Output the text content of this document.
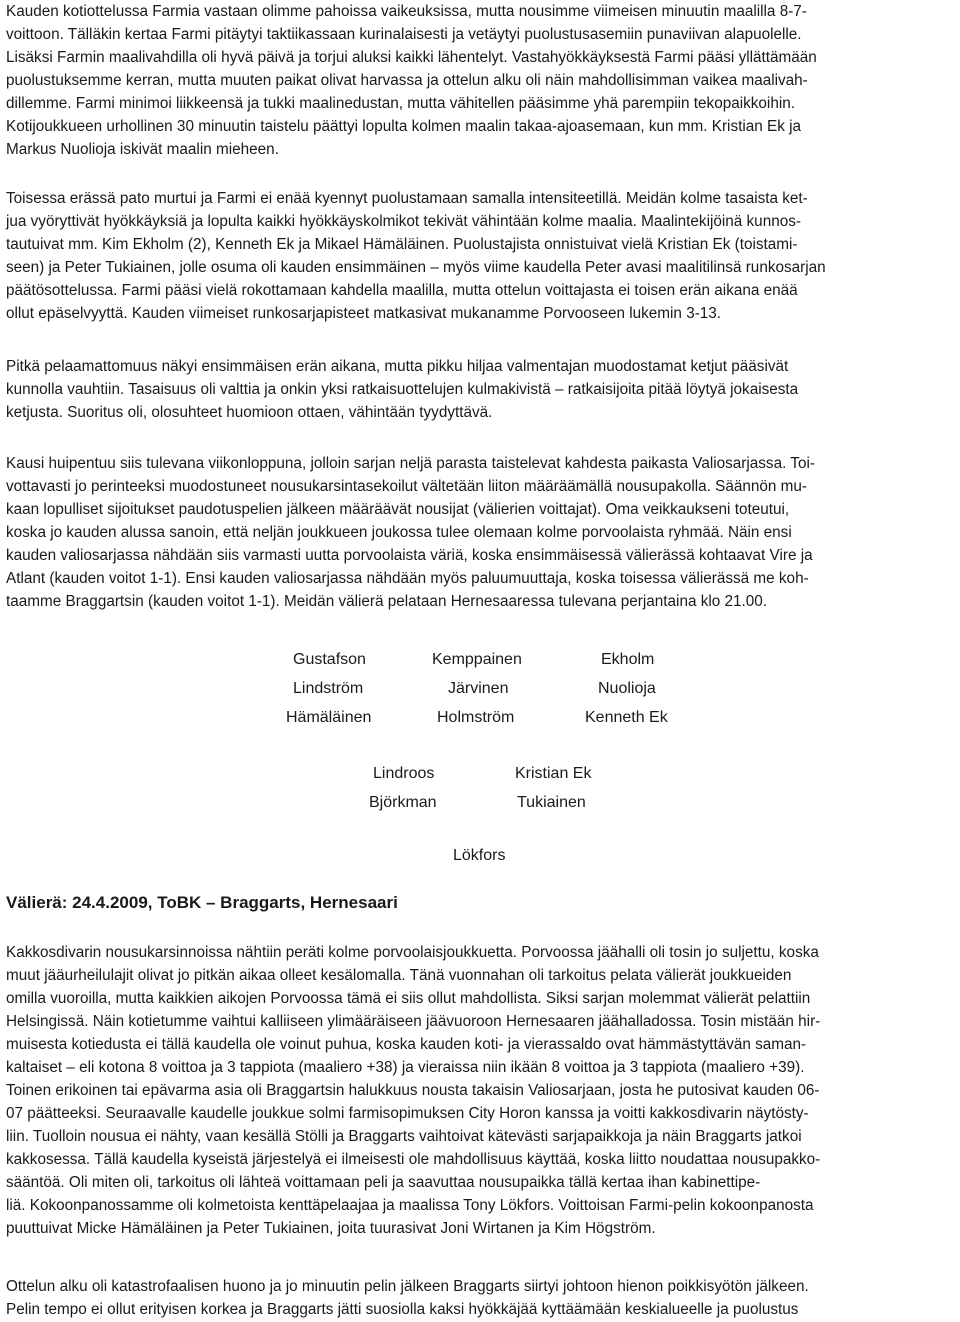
Kauden kotiottelussa Farmia vastaan olimme pahoissa vaikeuksissa, mutta nousimme viimeisen minuutin maalilla 8-7-
voittoon. Tälläkin kertaa Farmi pitäytyi taktiikassaan kurinalaisesti ja vetäytyi puolustusasemiin punaviivan alapuolelle.
Lisäksi Farmin maalivahdilla oli hyvä päivä ja torjui aluksi kaikki lähentelyt. Vastahyökkäyksestä Farmi pääsi yllättämään
puolustuksemme kerran, mutta muuten paikat olivat harvassa ja ottelun alku oli näin mahdollisimman vaikea maalivah-
dillemme. Farmi minimoi liikkeensä ja tukki maalinedustan, mutta vähitellen pääsimme yhä parempiin tekopaikkoihin.
Kotijoukkueen urhollinen 30 minuutin taistelu päättyi lopulta kolmen maalin takaa-ajoasemaan, kun mm. Kristian Ek ja
Markus Nuolioja iskivät maalin mieheen.
Toisessa erässä pato murtui ja Farmi ei enää kyennyt puolustamaan samalla intensiteetillä. Meidän kolme tasaista ket-
jua vyöryttivät hyökkäyksiä ja lopulta kaikki hyökkäyskolmikot tekivät vähintään kolme maalia. Maalintekijöinä kunnos-
tautuivat mm. Kim Ekholm (2), Kenneth Ek ja Mikael Hämäläinen. Puolustajista onnistuivat vielä Kristian Ek (toistami-
seen) ja Peter Tukiainen, jolle osuma oli kauden ensimmäinen – myös viime kaudella Peter avasi maalitilinsä runkosarjan
päätösottelussa. Farmi pääsi vielä rokottamaan kahdella maalilla, mutta ottelun voittajasta ei toisen erän aikana enää
ollut epäselvyyttä. Kauden viimeiset runkosarjapisteet matkasivat mukanamme Porvooseen lukemin 3-13.
Pitkä pelaamattomuus näkyi ensimmäisen erän aikana, mutta pikku hiljaa valmentajan muodostamat ketjut pääsivät
kunnolla vauhtiin. Tasaisuus oli valttia ja onkin yksi ratkaisuottelujen kulmakivistä – ratkaisijoita pitää löytyä jokaisesta
ketjusta. Suoritus oli, olosuhteet huomioon ottaen, vähintään tyydyttävä.
Kausi huipentuu siis tulevana viikonloppuna, jolloin sarjan neljä parasta taistelevat kahdesta paikasta Valiosarjassa. Toi-
vottavasti jo perinteeksi muodostuneet nousukarsintasekoilut vältetään liiton määräämällä nousupakolla. Säännön mu-
kaan lopulliset sijoitukset paudotuspelien jälkeen määräävät nousijat (välierien voittajat). Oma veikkaukseni toteutui,
koska jo kauden alussa sanoin, että neljän joukkueen joukossa tulee olemaan kolme porvoolaista ryhmää. Näin ensi
kauden valiosarjassa nähdään siis varmasti uutta porvoolaista väriä, koska ensimmäisessä välierässä kohtaavat Vire ja
Atlant (kauden voitot 1-1). Ensi kauden valiosarjassa nähdään myös paluumuuttaja, koska toisessa välierässä me koh-
taamme Braggartsin (kauden voitot 1-1). Meidän välierä pelataan Hernesaaressa tulevana perjantaina klo 21.00.
Gustafson	Kemppainen	Ekholm
Lindström	Järvinen	Nuolioja
Hämäläinen	Holmström	Kenneth Ek
Lindroos	Kristian Ek
Björkman	Tukiainen
Lökfors
Välierä: 24.4.2009, ToBK – Braggarts, Hernesaari
Kakkosdivarin nousukarsinnoissa nähtiin peräti kolme porvoolaisjoukkuetta. Porvoossa jäähalli oli tosin jo suljettu, koska
muut jääurheilulajit olivat jo pitkän aikaa olleet kesälomalla. Tänä vuonnahan oli tarkoitus pelata välierät joukkueiden
omilla vuoroilla, mutta kaikkien aikojen Porvoossa tämä ei siis ollut mahdollista. Siksi sarjan molemmat välierät pelattiin
Helsingissä. Näin kotietumme vaihtui kalliiseen ylimääräiseen jäävuoroon Hernesaaren jäähalladossa. Tosin mistään hir-
muisesta kotiedusta ei tällä kaudella ole voinut puhua, koska kauden koti- ja vierassaldo ovat hämmästyttävän saman-
kaltaiset – eli kotona 8 voittoa ja 3 tappiota (maaliero +38) ja vieraissa niin ikään 8 voittoa ja 3 tappiota (maaliero +39).
Toinen erikoinen tai epävarma asia oli Braggartsin halukkuus nousta takaisin Valiosarjaan, josta he putosivat kauden 06-
07 päätteeksi. Seuraavalle kaudelle joukkue solmi farmisopimuksen City Horon kanssa ja voitti kakkosdivarin näytösty-
liin. Tuolloin nousua ei nähty, vaan kesällä Stölli ja Braggarts vaihtoivat kätevästi sarjapaikkoja ja näin Braggarts jatkoi
kakkosessa. Tällä kaudella kyseistä järjestelyä ei ilmeisesti ole mahdollisuus käyttää, koska liitto noudattaa nousupakko-
sääntöä. Oli miten oli, tarkoitus oli lähteä voittamaan peli ja saavuttaa nousupaikka tällä kertaa ihan kabinettipe-
liä. Kokoonpanossamme oli kolmetoista kenttäpelaajaa ja maalissa Tony Lökfors. Voittoisan Farmi-pelin kokoonpanosta
puuttuivat Micke Hämäläinen ja Peter Tukiainen, joita tuurasivat Joni Wirtanen ja Kim Högström.
Ottelun alku oli katastrofaalisen huono ja jo minuutin pelin jälkeen Braggarts siirtyi johtoon hienon poikkisyötön jälkeen.
Pelin tempo ei ollut erityisen korkea ja Braggarts jätti suosiolla kaksi hyökkäjää kyttäämään keskialueelle ja puolustus
